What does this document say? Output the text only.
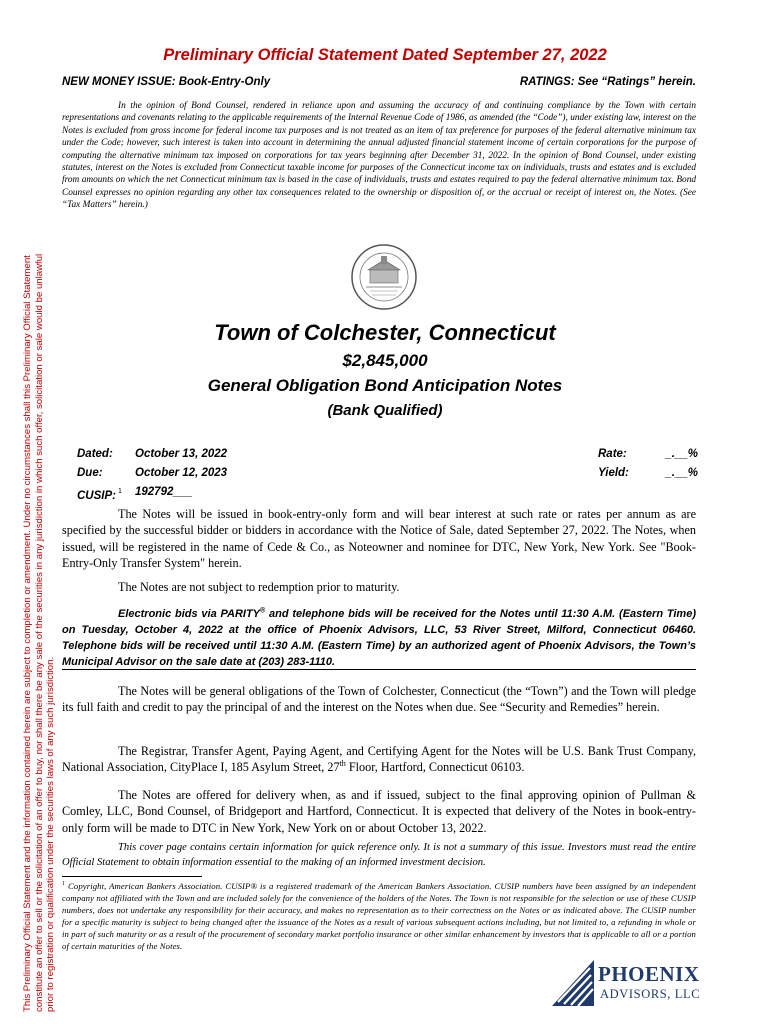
This Preliminary Official Statement and the information contained herein are subject to completion or amendment. Under no circumstances shall this Preliminary Official Statement constitute an offer to sell or the solicitation of an offer to buy, nor shall there be any sale of the securities in any jurisdiction in which such offer, solicitation or sale would be unlawful prior to registration or qualification under the securities laws of any such jurisdiction.
Preliminary Official Statement Dated September 27, 2022
NEW MONEY ISSUE: Book-Entry-Only	RATINGS: See “Ratings” herein.
In the opinion of Bond Counsel, rendered in reliance upon and assuming the accuracy of and continuing compliance by the Town with certain representations and covenants relating to the applicable requirements of the Internal Revenue Code of 1986, as amended (the “Code”), under existing law, interest on the Notes is excluded from gross income for federal income tax purposes and is not treated as an item of tax preference for purposes of the federal alternative minimum tax under the Code; however, such interest is taken into account in determining the annual adjusted financial statement income of certain corporations for the purpose of computing the alternative minimum tax imposed on corporations for tax years beginning after December 31, 2022. In the opinion of Bond Counsel, under existing statutes, interest on the Notes is excluded from Connecticut taxable income for purposes of the Connecticut income tax on individuals, trusts and estates and is excluded from amounts on which the net Connecticut minimum tax is based in the case of individuals, trusts and estates required to pay the federal alternative minimum tax. Bond Counsel expresses no opinion regarding any other tax consequences related to the ownership or disposition of, or the accrual or receipt of interest on, the Notes. (See “Tax Matters” herein.)
Town of Colchester, Connecticut
$2,845,000
General Obligation Bond Anticipation Notes
(Bank Qualified)
Dated: October 13, 2022
Due:	October 12, 2023
CUSIP: $^1$ 192792___
Rate:	_.__%
Yield:	_.__%
The Notes will be issued in book-entry-only form and will bear interest at such rate or rates per annum as are specified by the successful bidder or bidders in accordance with the Notice of Sale, dated September 27, 2022. The Notes, when issued, will be registered in the name of Cede & Co., as Noteowner and nominee for DTC, New York, New York. See "Book-Entry-Only Transfer System" herein.
The Notes are not subject to redemption prior to maturity.
Electronic bids via PARITY® and telephone bids will be received for the Notes until 11:30 A.M. (Eastern Time) on Tuesday, October 4, 2022 at the office of Phoenix Advisors, LLC, 53 River Street, Milford, Connecticut 06460. Telephone bids will be received until 11:30 A.M. (Eastern Time) by an authorized agent of Phoenix Advisors, the Town’s Municipal Advisor on the sale date at (203) 283-1110.
The Notes will be general obligations of the Town of Colchester, Connecticut (the “Town”) and the Town will pledge its full faith and credit to pay the principal of and the interest on the Notes when due. See “Security and Remedies” herein.
The Registrar, Transfer Agent, Paying Agent, and Certifying Agent for the Notes will be U.S. Bank Trust Company, National Association, CityPlace I, 185 Asylum Street, 27th Floor, Hartford, Connecticut 06103.
The Notes are offered for delivery when, as and if issued, subject to the final approving opinion of Pullman & Comley, LLC, Bond Counsel, of Bridgeport and Hartford, Connecticut. It is expected that delivery of the Notes in book-entry-only form will be made to DTC in New York, New York on or about October 13, 2022.
This cover page contains certain information for quick reference only. It is not a summary of this issue. Investors must read the entire Official Statement to obtain information essential to the making of an informed investment decision.
$^1$ Copyright, American Bankers Association. CUSIP® is a registered trademark of the American Bankers Association. CUSIP numbers have been assigned by an independent company not affiliated with the Town and are included solely for the convenience of the holders of the Notes. The Town is not responsible for the selection or use of these CUSIP numbers, does not undertake any responsibility for their accuracy, and makes no representation as to their correctness on the Notes or as indicated above. The CUSIP number for a specific maturity is subject to being changed after the issuance of the Notes as a result of various subsequent actions including, but not limited to, a refunding in whole or in part of such maturity or as a result of the procurement of secondary market portfolio insurance or other similar enhancement by investors that is applicable to all or a portion of certain maturities of the Notes.
PHOENIX
ADVISORS, LLC
